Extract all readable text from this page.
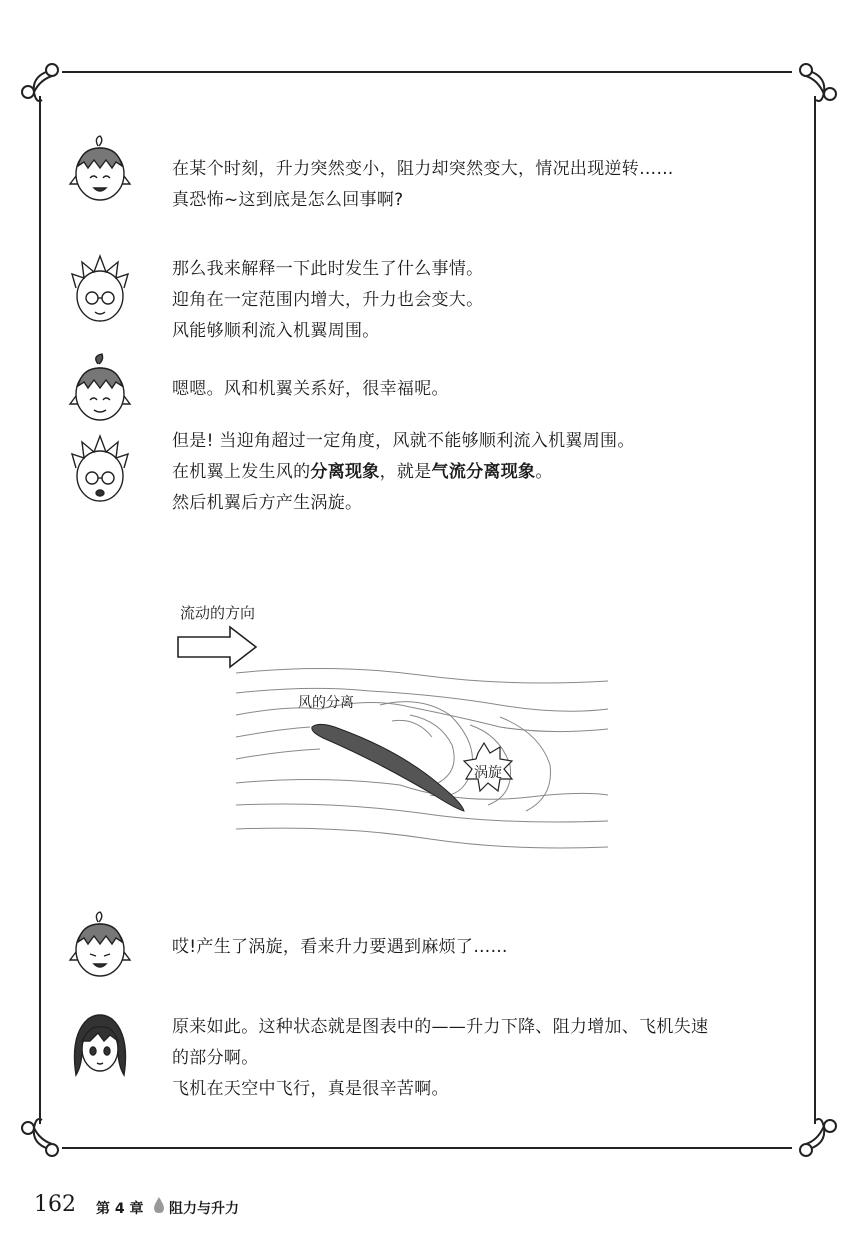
在某个时刻，升力突然变小，阻力却突然变大，情况出现逆转……
真恐怖~这到底是怎么回事啊?
那么我来解释一下此时发生了什么事情。
迎角在一定范围内增大，升力也会变大。
风能够顺利流入机翼周围。
嗯嗯。风和机翼关系好，很幸福呢。
但是! 当迎角超过一定角度，风就不能够顺利流入机翼周围。
在机翼上发生风的分离现象，就是气流分离现象。
然后机翼后方产生涡旋。
哎!产生了涡旋，看来升力要遇到麻烦了……
原来如此。这种状态就是图表中的——升力下降、阻力增加、飞机失速
的部分啊。
飞机在天空中飞行，真是很辛苦啊。
流动的方向
风的分离
涡旋
162 第 4 章 阻力与升力
